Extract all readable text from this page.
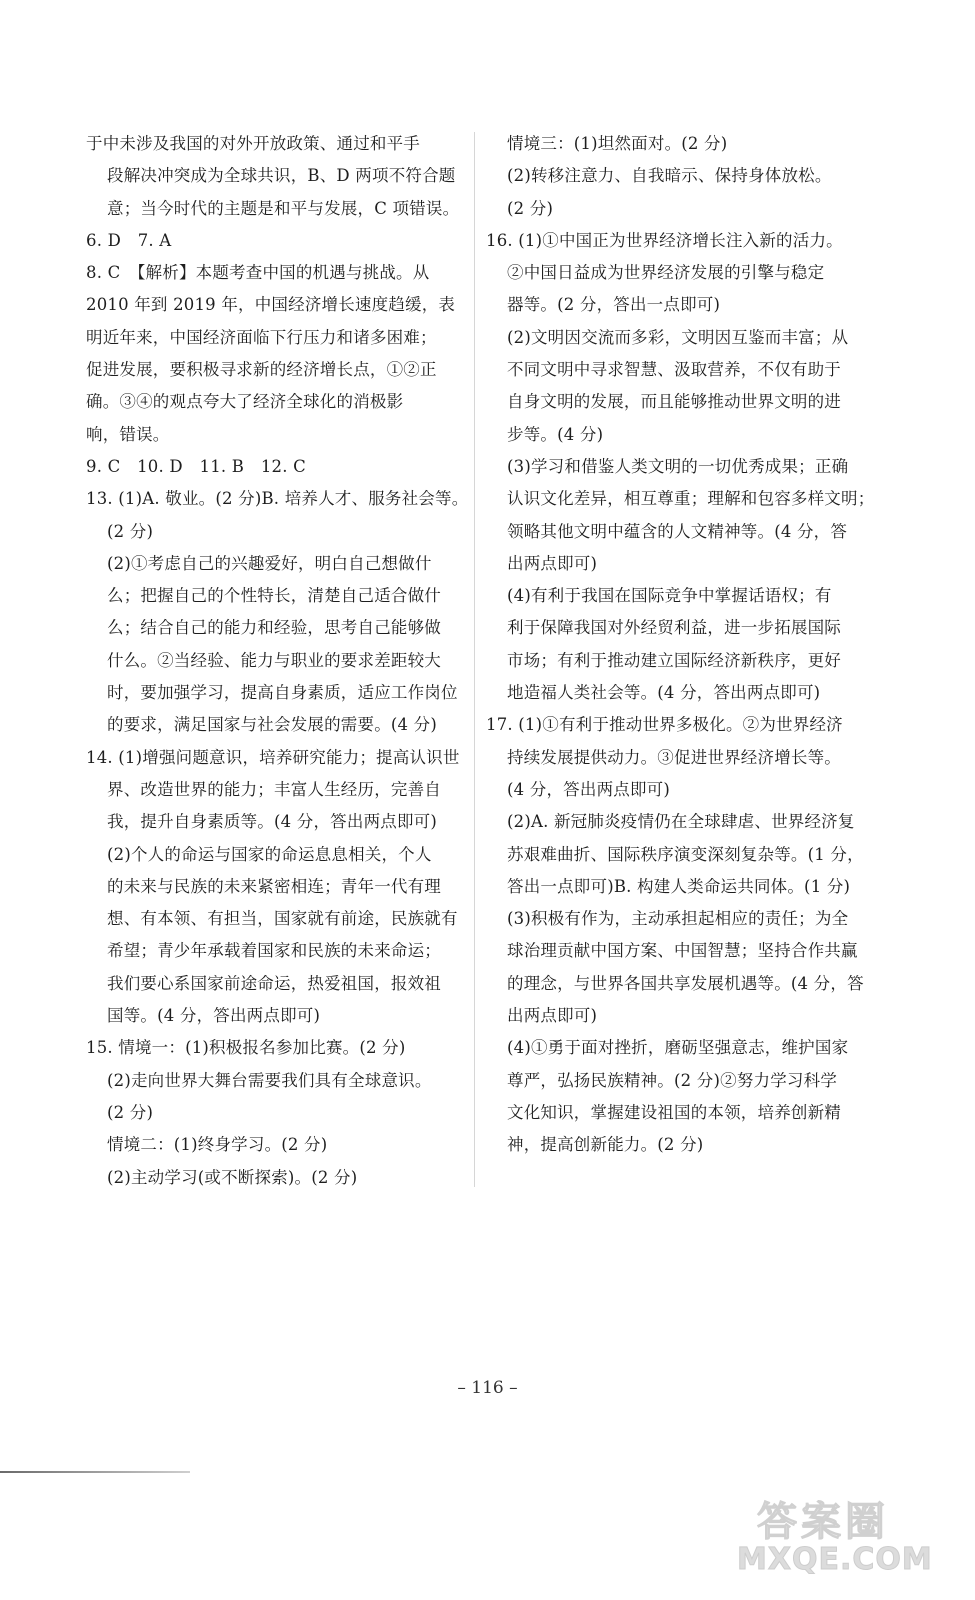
于中未涉及我国的对外开放政策、通过和平手
段解决冲突成为全球共识，B、D 两项不符合题
意；当今时代的主题是和平与发展，C 项错误。
6. D　7. A
8. C　【解析】本题考查中国的机遇与挑战。从
2010 年到 2019 年，中国经济增长速度趋缓，表
明近年来，中国经济面临下行压力和诸多困难；
促进发展，要积极寻求新的经济增长点，①②正
确。③④的观点夸大了经济全球化的消极影
响，错误。
9. C　10. D　11. B　12. C
13. (1)A. 敬业。(2 分)B. 培养人才、服务社会等。
(2 分)
(2)①考虑自己的兴趣爱好，明白自己想做什
么；把握自己的个性特长，清楚自己适合做什
么；结合自己的能力和经验，思考自己能够做
什么。②当经验、能力与职业的要求差距较大
时，要加强学习，提高自身素质，适应工作岗位
的要求，满足国家与社会发展的需要。(4 分)
14. (1)增强问题意识，培养研究能力；提高认识世
界、改造世界的能力；丰富人生经历，完善自
我，提升自身素质等。(4 分，答出两点即可)
(2)个人的命运与国家的命运息息相关，个人
的未来与民族的未来紧密相连；青年一代有理
想、有本领、有担当，国家就有前途，民族就有
希望；青少年承载着国家和民族的未来命运；
我们要心系国家前途命运，热爱祖国，报效祖
国等。(4 分，答出两点即可)
15. 情境一：(1)积极报名参加比赛。(2 分)
(2)走向世界大舞台需要我们具有全球意识。
(2 分)
情境二：(1)终身学习。(2 分)
(2)主动学习(或不断探索)。(2 分)
情境三：(1)坦然面对。(2 分)
(2)转移注意力、自我暗示、保持身体放松。
(2 分)
16. (1)①中国正为世界经济增长注入新的活力。
②中国日益成为世界经济发展的引擎与稳定
器等。(2 分，答出一点即可)
(2)文明因交流而多彩，文明因互鉴而丰富；从
不同文明中寻求智慧、汲取营养，不仅有助于
自身文明的发展，而且能够推动世界文明的进
步等。(4 分)
(3)学习和借鉴人类文明的一切优秀成果；正确
认识文化差异，相互尊重；理解和包容多样文明；
领略其他文明中蕴含的人文精神等。(4 分，答
出两点即可)
(4)有利于我国在国际竞争中掌握话语权；有
利于保障我国对外经贸利益，进一步拓展国际
市场；有利于推动建立国际经济新秩序，更好
地造福人类社会等。(4 分，答出两点即可)
17. (1)①有利于推动世界多极化。②为世界经济
持续发展提供动力。③促进世界经济增长等。
(4 分，答出两点即可)
(2)A. 新冠肺炎疫情仍在全球肆虐、世界经济复
苏艰难曲折、国际秩序演变深刻复杂等。(1 分，
答出一点即可)B. 构建人类命运共同体。(1 分)
(3)积极有作为，主动承担起相应的责任；为全
球治理贡献中国方案、中国智慧；坚持合作共赢
的理念，与世界各国共享发展机遇等。(4 分，答
出两点即可)
(4)①勇于面对挫折，磨砺坚强意志，维护国家
尊严，弘扬民族精神。(2 分)②努力学习科学
文化知识，掌握建设祖国的本领，培养创新精
神，提高创新能力。(2 分)
– 116 –
答案圈
MXQE.COM
